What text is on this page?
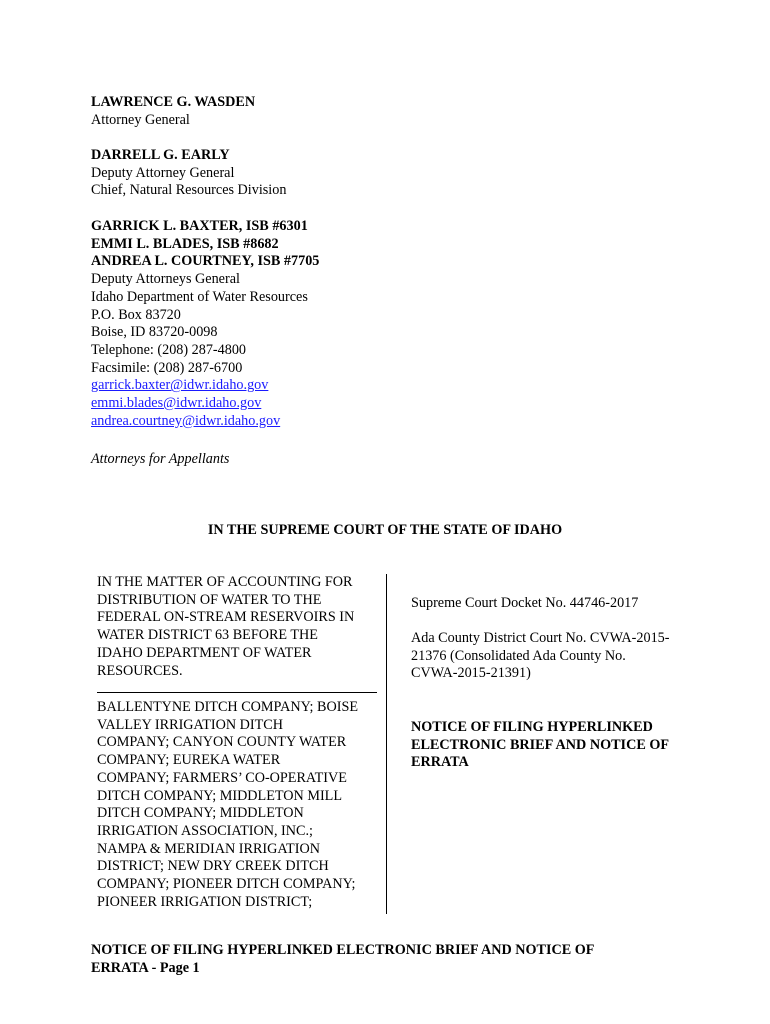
LAWRENCE G. WASDEN
Attorney General
DARRELL G. EARLY
Deputy Attorney General
Chief, Natural Resources Division
GARRICK L. BAXTER, ISB #6301
EMMI L. BLADES, ISB #8682
ANDREA L. COURTNEY, ISB #7705
Deputy Attorneys General
Idaho Department of Water Resources
P.O. Box 83720
Boise, ID 83720-0098
Telephone: (208) 287-4800
Facsimile: (208) 287-6700
garrick.baxter@idwr.idaho.gov
emmi.blades@idwr.idaho.gov
andrea.courtney@idwr.idaho.gov
Attorneys for Appellants
IN THE SUPREME COURT OF THE STATE OF IDAHO
IN THE MATTER OF ACCOUNTING FOR
DISTRIBUTION OF WATER TO THE
FEDERAL ON-STREAM RESERVOIRS IN
WATER DISTRICT 63 BEFORE THE
IDAHO DEPARTMENT OF WATER
RESOURCES.
BALLENTYNE DITCH COMPANY; BOISE
VALLEY IRRIGATION DITCH
COMPANY; CANYON COUNTY WATER
COMPANY; EUREKA WATER
COMPANY; FARMERS’ CO-OPERATIVE
DITCH COMPANY; MIDDLETON MILL
DITCH COMPANY; MIDDLETON
IRRIGATION ASSOCIATION, INC.;
NAMPA & MERIDIAN IRRIGATION
DISTRICT; NEW DRY CREEK DITCH
COMPANY; PIONEER DITCH COMPANY;
PIONEER IRRIGATION DISTRICT;
Supreme Court Docket No. 44746-2017
Ada County District Court No. CVWA-2015-
21376 (Consolidated Ada County No.
CVWA-2015-21391)
NOTICE OF FILING HYPERLINKED
ELECTRONIC BRIEF AND NOTICE OF
ERRATA
NOTICE OF FILING HYPERLINKED ELECTRONIC BRIEF AND NOTICE OF
ERRATA - Page 1
